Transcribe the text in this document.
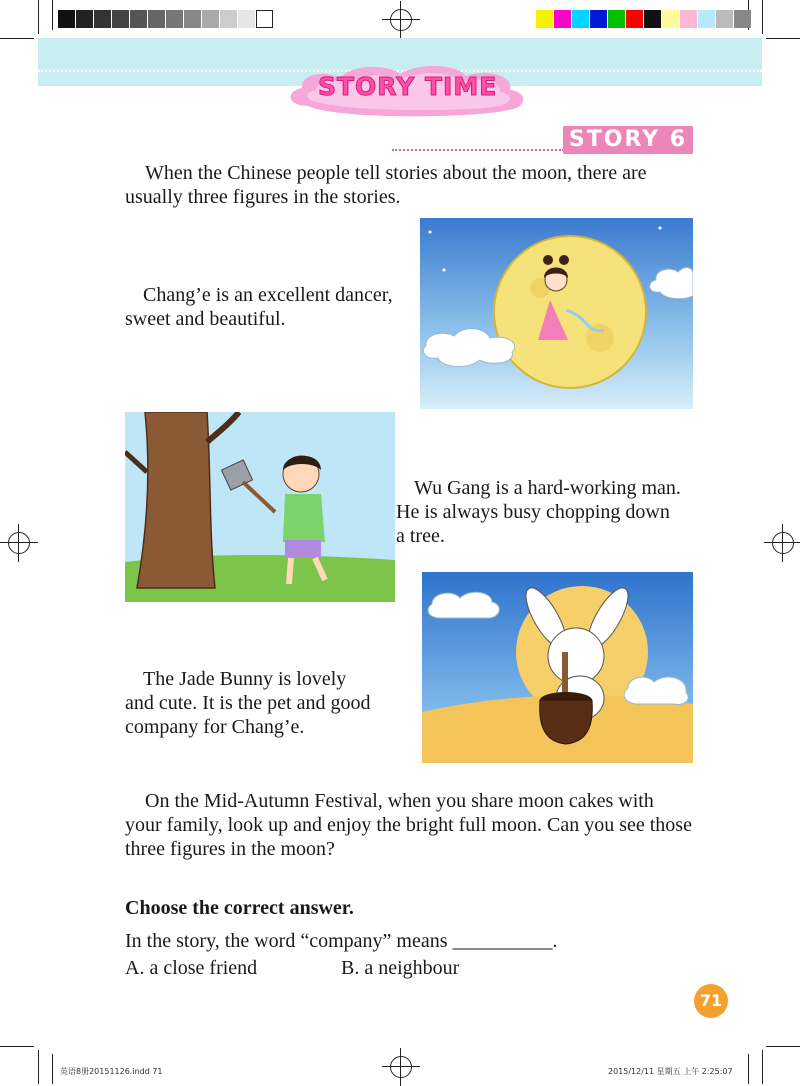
STORY TIME
STORY 6
When the Chinese people tell stories about the moon, there are usually three figures in the stories.
Chang’e is an excellent dancer,
sweet and beautiful.
Wu Gang is a hard-working man.
He is always busy chopping down
a tree.
The Jade Bunny is lovely
and cute. It is the pet and good
company for Chang’e.
On the Mid-Autumn Festival, when you share moon cakes with your family, look up and enjoy the bright full moon. Can you see those three figures in the moon?
Choose the correct answer.
In the story, the word “company” means __________.
A. a close friend	B. a neighbour
71
英语8册20151126.indd 71	2015/12/11 星期五 上午 2:25:07
